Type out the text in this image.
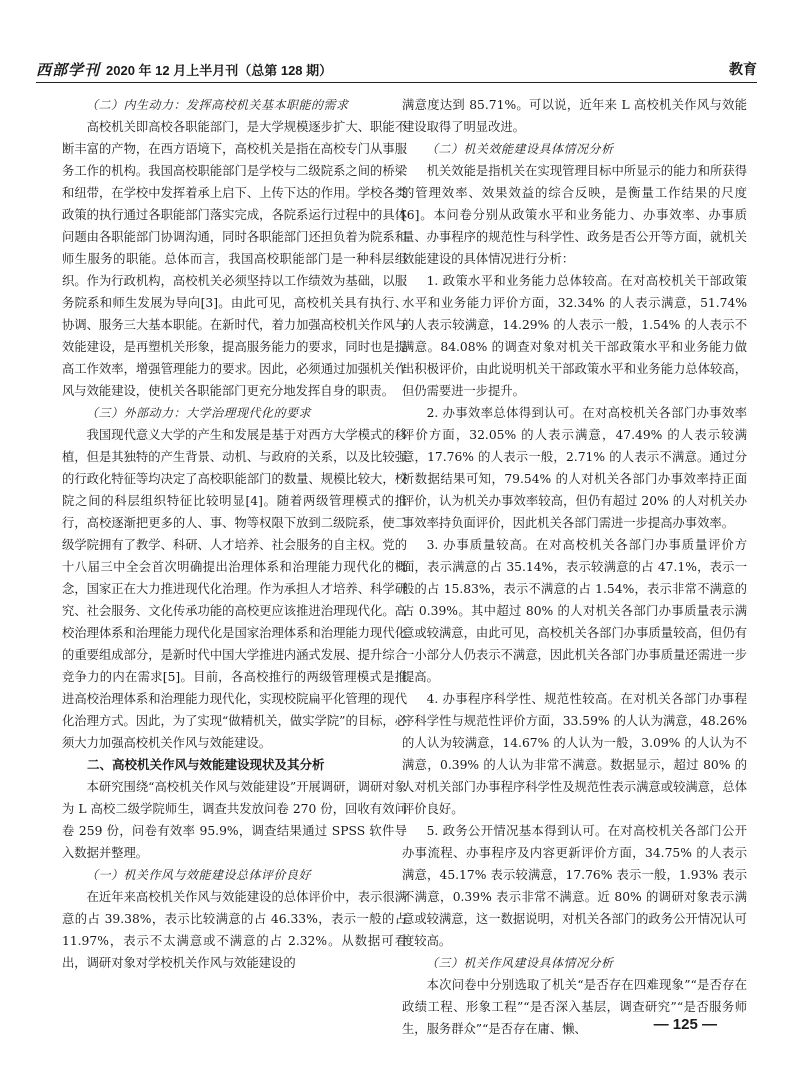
西部学刊 2020 年 12 月上半月刊（总第 128 期）	教育
（二）内生动力：发挥高校机关基本职能的需求

高校机关即高校各职能部门，是大学规模逐步扩大、职能不断丰富的产物，在西方语境下，高校机关是指在高校专门从事服务工作的机构。我国高校职能部门是学校与二级院系之间的桥梁和纽带，在学校中发挥着承上启下、上传下达的作用。学校各类政策的执行通过各职能部门落实完成，各院系运行过程中的具体问题由各职能部门协调沟通，同时各职能部门还担负着为院系和师生服务的职能。总体而言，我国高校职能部门是一种科层组织。作为行政机构，高校机关必须坚持以工作绩效为基础，以服务院系和师生发展为导向[3]。由此可见，高校机关具有执行、协调、服务三大基本职能。在新时代，着力加强高校机关作风与效能建设，是再塑机关形象，提高服务能力的要求，同时也是提高工作效率，增强管理能力的要求。因此，必须通过加强机关作风与效能建设，使机关各职能部门更充分地发挥自身的职责。

（三）外部动力：大学治理现代化的要求

我国现代意义大学的产生和发展是基于对西方大学模式的移植，但是其独特的产生背景、动机、与政府的关系，以及比较强的行政化特征等均决定了高校职能部门的数量、规模比较大，校院之间的科层组织特征比较明显[4]。随着两级管理模式的推行，高校逐渐把更多的人、事、物等权限下放到二级院系，使二级学院拥有了教学、科研、人才培养、社会服务的自主权。党的十八届三中全会首次明确提出治理体系和治理能力现代化的概念，国家正在大力推进现代化治理。作为承担人才培养、科学研究、社会服务、文化传承功能的高校更应该推进治理现代化。高校治理体系和治理能力现代化是国家治理体系和治理能力现代化的重要组成部分，是新时代中国大学推进内涵式发展、提升综合竞争力的内在需求[5]。目前，各高校推行的两级管理模式是推进高校治理体系和治理能力现代化，实现校院扁平化管理的现代化治理方式。因此，为了实现“做精机关，做实学院”的目标，必须大力加强高校机关作风与效能建设。

二、高校机关作风与效能建设现状及其分析

本研究围绕“高校机关作风与效能建设”开展调研，调研对象为 L 高校二级学院师生，调查共发放问卷 270 份，回收有效问卷 259 份，问卷有效率 95.9%，调查结果通过 SPSS 软件导入数据并整理。

（一）机关作风与效能建设总体评价良好

在近年来高校机关作风与效能建设的总体评价中，表示很满意的占 39.38%，表示比较满意的占 46.33%，表示一般的占 11.97%，表示不太满意或不满意的占 2.32%。从数据可看出，调研对象对学校机关作风与效能建设的

满意度达到 85.71%。可以说，近年来 L 高校机关作风与效能建设取得了明显改进。

（二）机关效能建设具体情况分析

机关效能是指机关在实现管理目标中所显示的能力和所获得的管理效率、效果效益的综合反映，是衡量工作结果的尺度[6]。本问卷分别从政策水平和业务能力、办事效率、办事质量、办事程序的规范性与科学性、政务是否公开等方面，就机关效能建设的具体情况进行分析：

1. 政策水平和业务能力总体较高。在对高校机关干部政策水平和业务能力评价方面，32.34% 的人表示满意，51.74% 的人表示较满意，14.29% 的人表示一般，1.54% 的人表示不满意。84.08% 的调查对象对机关干部政策水平和业务能力做出积极评价，由此说明机关干部政策水平和业务能力总体较高，但仍需要进一步提升。

2. 办事效率总体得到认可。在对高校机关各部门办事效率评价方面，32.05% 的人表示满意，47.49% 的人表示较满意，17.76% 的人表示一般，2.71% 的人表示不满意。通过分析数据结果可知，79.54% 的人对机关各部门办事效率持正面评价，认为机关办事效率较高，但仍有超过 20% 的人对机关办事效率持负面评价，因此机关各部门需进一步提高办事效率。

3. 办事质量较高。在对高校机关各部门办事质量评价方面，表示满意的占 35.14%，表示较满意的占 47.1%，表示一般的占 15.83%，表示不满意的占 1.54%，表示非常不满意的占 0.39%。其中超过 80% 的人对机关各部门办事质量表示满意或较满意，由此可见，高校机关各部门办事质量较高，但仍有一小部分人仍表示不满意，因此机关各部门办事质量还需进一步提高。

4. 办事程序科学性、规范性较高。在对机关各部门办事程序科学性与规范性评价方面，33.59% 的人认为满意，48.26% 的人认为较满意，14.67% 的人认为一般，3.09% 的人认为不满意，0.39% 的人认为非常不满意。数据显示，超过 80% 的人对机关部门办事程序科学性及规范性表示满意或较满意，总体评价良好。

5. 政务公开情况基本得到认可。在对高校机关各部门公开办事流程、办事程序及内容更新评价方面，34.75% 的人表示满意，45.17% 表示较满意，17.76% 表示一般，1.93% 表示不满意，0.39% 表示非常不满意。近 80% 的调研对象表示满意或较满意，这一数据说明，对机关各部门的政务公开情况认可度较高。

（三）机关作风建设具体情况分析

本次问卷中分别选取了机关“是否存在四难现象”“是否存在政绩工程、形象工程”“是否深入基层，调查研究”“是否服务师生，服务群众”“是否存在庸、懒、	— 125 —
